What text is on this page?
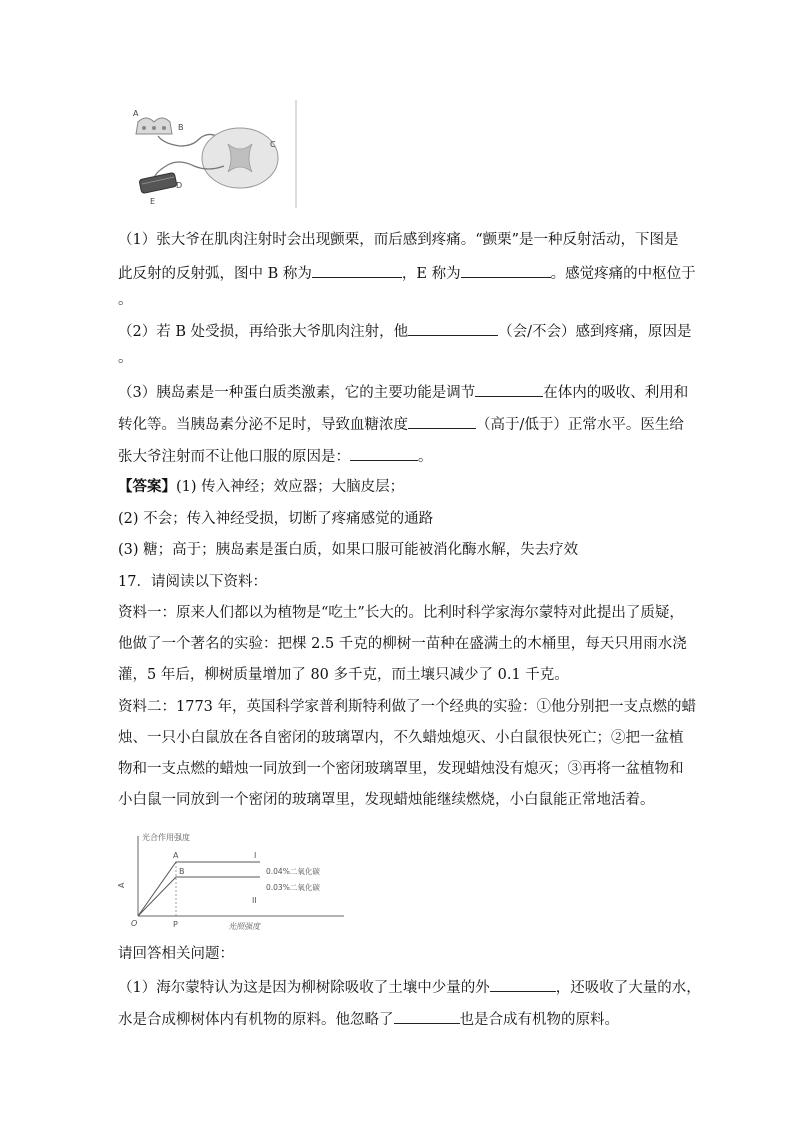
A
B
C
D
E
（1）张大爷在肌肉注射时会出现颤栗，而后感到疼痛。“颤栗”是一种反射活动，下图是
此反射的反射弧，图中 B 称为	，E 称为	。感觉疼痛的中枢位于
。
（2）若 B 处受损，再给张大爷肌肉注射，他	（会/不会）感到疼痛，原因是
。
（3）胰岛素是一种蛋白质类激素，它的主要功能是调节	在体内的吸收、利用和
转化等。当胰岛素分泌不足时，导致血糖浓度	（高于/低于）正常水平。医生给
张大爷注射而不让他口服的原因是：	。
【答案】(1) 传入神经；效应器；大脑皮层；
(2) 不会；传入神经受损，切断了疼痛感觉的通路
(3) 糖；高于；胰岛素是蛋白质，如果口服可能被消化酶水解，失去疗效
17．请阅读以下资料：
资料一：原来人们都以为植物是“吃土”长大的。比利时科学家海尔蒙特对此提出了质疑，
他做了一个著名的实验：把棵 2.5 千克的柳树一苗种在盛满土的木桶里，每天只用雨水浇
灌，5 年后，柳树质量增加了 80 多千克，而土壤只减少了 0.1 千克。
资料二：1773 年，英国科学家普利斯特利做了一个经典的实验：①他分别把一支点燃的蜡
烛、一只小白鼠放在各自密闭的玻璃罩内，不久蜡烛熄灭、小白鼠很快死亡；②把一盆植
物和一支点燃的蜡烛一同放到一个密闭玻璃罩里，发现蜡烛没有熄灭；③再将一盆植物和
小白鼠一同放到一个密闭的玻璃罩里，发现蜡烛能继续燃烧，小白鼠能正常地活着。
光合作用强度
A
O	P	光照强度
A
B
I
0.04%二氧化碳
0.03%二氧化碳
II
请回答相关问题：
（1）海尔蒙特认为这是因为柳树除吸收了土壤中少量的外	，还吸收了大量的水，
水是合成柳树体内有机物的原料。他忽略了	也是合成有机物的原料。
